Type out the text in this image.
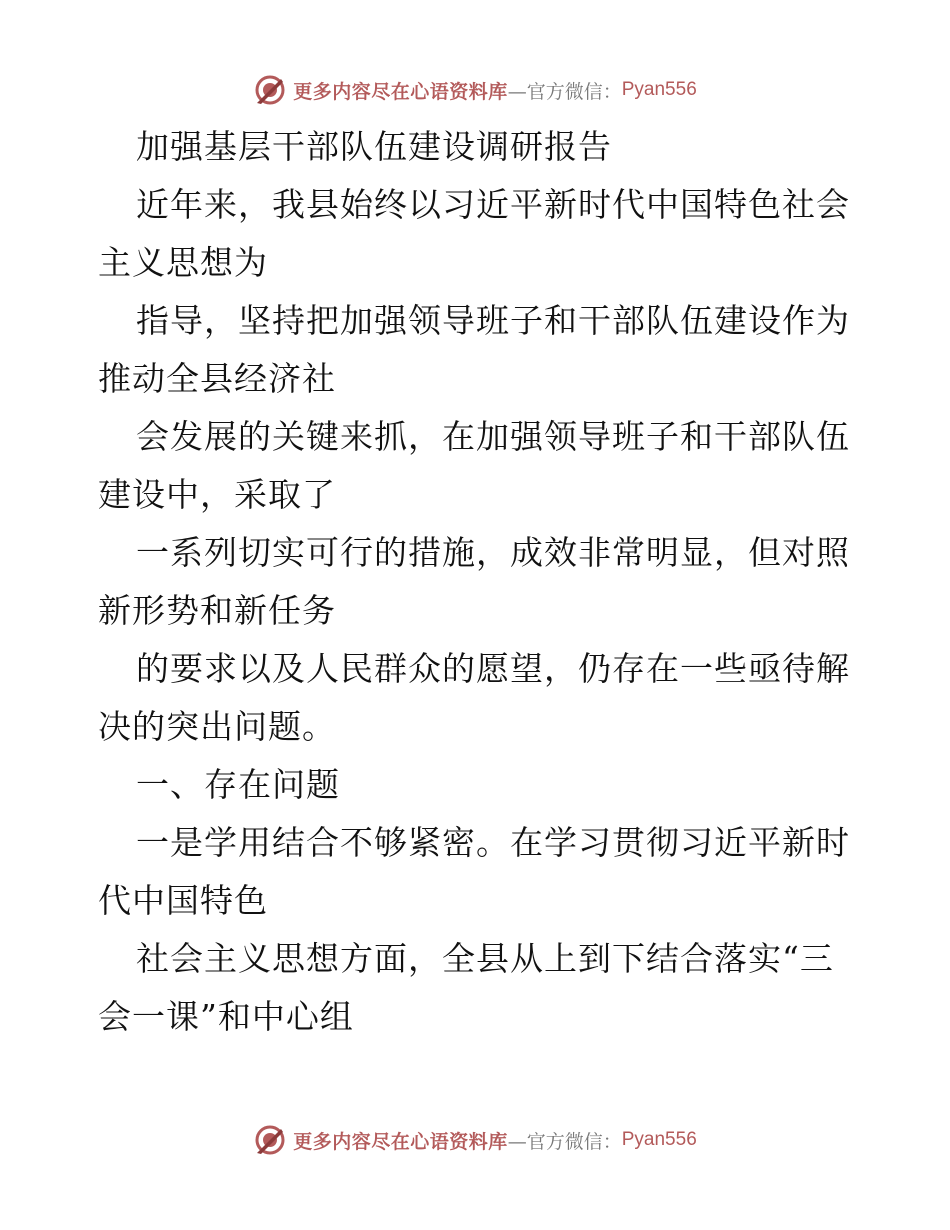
更多内容尽在心语资料库 —官方微信： Pyan556
加强基层干部队伍建设调研报告
近年来，我县始终以习近平新时代中国特色社会
主义思想为
指导，坚持把加强领导班子和干部队伍建设作为
推动全县经济社
会发展的关键来抓，在加强领导班子和干部队伍
建设中，采取了
一系列切实可行的措施，成效非常明显，但对照
新形势和新任务
的要求以及人民群众的愿望，仍存在一些亟待解
决的突出问题。
一、存在问题
一是学用结合不够紧密。在学习贯彻习近平新时
代中国特色
社会主义思想方面，全县从上到下结合落实“三
会一课”和中心组
更多内容尽在心语资料库 —官方微信： Pyan556
